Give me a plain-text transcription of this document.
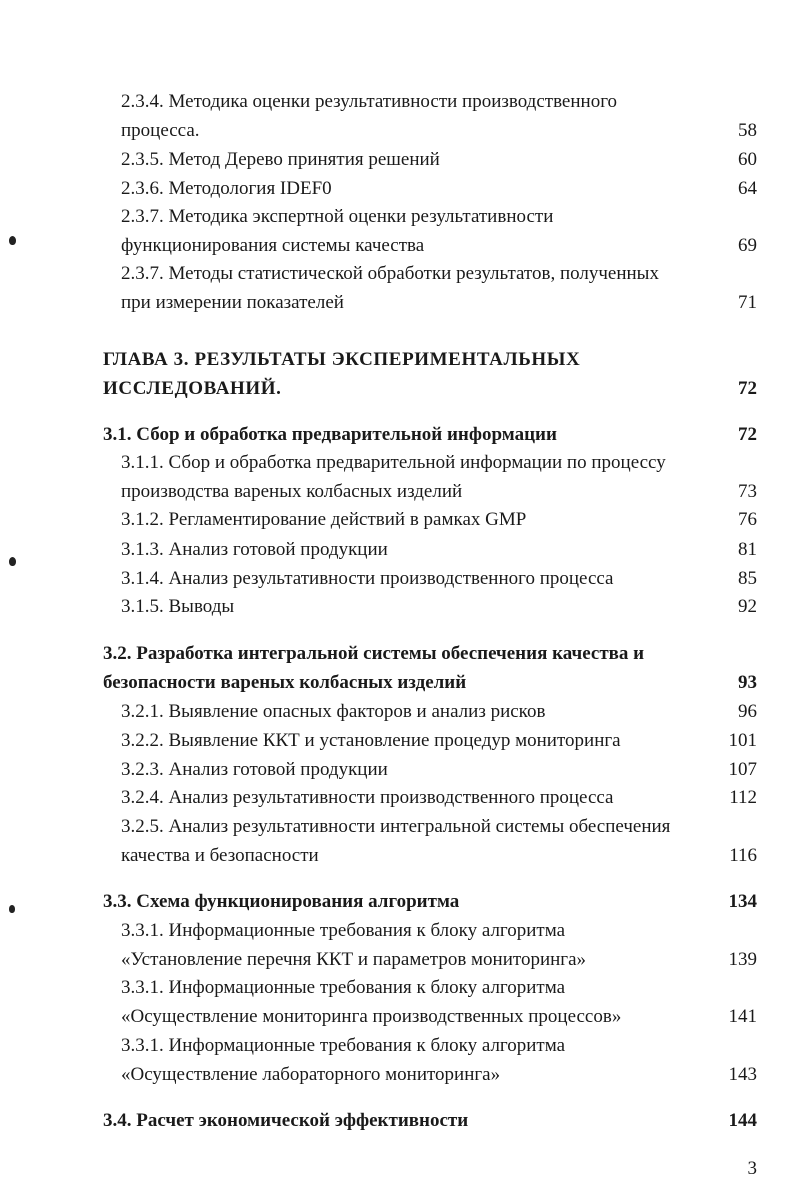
2.3.4. Методика оценки результативности производственного
процесса.	58
2.3.5. Метод Дерево принятия решений	60
2.3.6. Методология IDEF0	64
2.3.7. Методика экспертной оценки результативности
функционирования системы качества	69
2.3.7. Методы статистической обработки результатов, полученных
при измерении показателей	71
ГЛАВА 3. РЕЗУЛЬТАТЫ ЭКСПЕРИМЕНТАЛЬНЫХ
ИССЛЕДОВАНИЙ.	72
3.1. Сбор и обработка предварительной информации	72
3.1.1. Сбор и обработка предварительной информации по процессу
производства вареных колбасных изделий	73
3.1.2. Регламентирование действий в рамках GMP	76
3.1.3. Анализ готовой продукции	81
3.1.4. Анализ результативности производственного процесса	85
3.1.5. Выводы	92
3.2. Разработка интегральной системы обеспечения качества и
безопасности вареных колбасных изделий	93
3.2.1. Выявление опасных факторов и анализ рисков	96
3.2.2. Выявление ККТ и установление процедур мониторинга	101
3.2.3. Анализ готовой продукции	107
3.2.4. Анализ результативности производственного процесса	112
3.2.5. Анализ результативности интегральной системы обеспечения
качества и безопасности	116
3.3. Схема функционирования алгоритма	134
3.3.1. Информационные требования к блоку алгоритма
«Установление перечня ККТ и параметров мониторинга»	139
3.3.1. Информационные требования к блоку алгоритма
«Осуществление мониторинга производственных процессов»	141
3.3.1. Информационные требования к блоку алгоритма
«Осуществление лабораторного мониторинга»	143
3.4. Расчет экономической эффективности	144
3
